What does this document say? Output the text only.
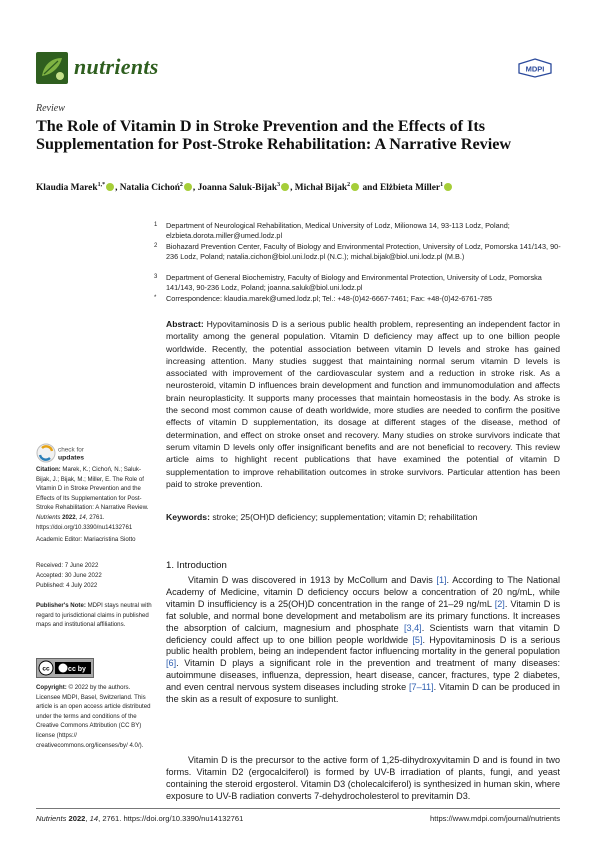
nutrients	MDPI
Review
The Role of Vitamin D in Stroke Prevention and the Effects of Its Supplementation for Post-Stroke Rehabilitation: A Narrative Review
Klaudia Marek$^{1,*}$ , Natalia Cichoń$^2$ , Joanna Saluk-Bijak$^3$ , Michał Bijak$^2$ and Elżbieta Miller$^1$
1 Department of Neurological Rehabilitation, Medical University of Lodz, Milionowa 14, 93-113 Lodz, Poland; elzbieta.dorota.miller@umed.lodz.pl
2 Biohazard Prevention Center, Faculty of Biology and Environmental Protection, University of Lodz, Pomorska 141/143, 90-236 Lodz, Poland; natalia.cichon@biol.uni.lodz.pl (N.C.); michal.bijak@biol.uni.lodz.pl (M.B.)
3 Department of General Biochemistry, Faculty of Biology and Environmental Protection, University of Lodz, Pomorska 141/143, 90-236 Lodz, Poland; joanna.saluk@biol.uni.lodz.pl
* Correspondence: klaudia.marek@umed.lodz.pl; Tel.: +48-(0)42-6667-7461; Fax: +48-(0)42-6761-785
Abstract: Hypovitaminosis D is a serious public health problem, representing an independent factor in mortality among the general population. Vitamin D deficiency may affect up to one billion people worldwide. Recently, the potential association between vitamin D levels and stroke has gained increasing attention. Many studies suggest that maintaining normal serum vitamin D levels is associated with improvement of the cardiovascular system and a reduction in stroke risk. As a neurosteroid, vitamin D influences brain development and function and immunomodulation and affects brain neuroplasticity. It supports many processes that maintain homeostasis in the body. As stroke is the second most common cause of death worldwide, more studies are needed to confirm the positive effects of vitamin D supplementation, its dosage at different stages of the disease, method of determination, and effect on stroke onset and recovery. Many studies on stroke survivors indicate that serum vitamin D levels only offer insignificant benefits and are not beneficial to recovery. This review article aims to highlight recent publications that have examined the potential of vitamin D supplementation to improve rehabilitation outcomes in stroke survivors. Particular attention has been paid to stroke prevention.
Keywords: stroke; 25(OH)D deficiency; supplementation; vitamin D; rehabilitation
check for
updates
Citation: Marek, K.; Cichoń, N.; Saluk-Bijak, J.; Bijak, M.; Miller, E. The Role of Vitamin D in Stroke Prevention and the Effects of Its Supplementation for Post-Stroke Rehabilitation: A Narrative Review. Nutrients 2022, 14, 2761. https://doi.org/10.3390/nu14132761
Academic Editor: Mariacristina Siotto
Received: 7 June 2022
Accepted: 30 June 2022
Published: 4 July 2022
Publisher's Note: MDPI stays neutral with regard to jurisdictional claims in published maps and institutional affiliations.
cc	cc by
Copyright: © 2022 by the authors. Licensee MDPI, Basel, Switzerland. This article is an open access article distributed under the terms and conditions of the Creative Commons Attribution (CC BY) license (https:// creativecommons.org/licenses/by/ 4.0/).
1. Introduction
Vitamin D was discovered in 1913 by McCollum and Davis [1]. According to The National Academy of Medicine, vitamin D deficiency occurs below a concentration of 20 ng/mL, while vitamin D insufficiency is a 25(OH)D concentration in the range of 21–29 ng/mL [2]. Vitamin D is fat soluble, and normal bone development and metabolism are its primary functions. It increases the absorption of calcium, magnesium and phosphate [3,4]. Scientists warn that vitamin D deficiency could affect up to one billion people worldwide [5]. Hypovitaminosis D is a serious public health problem, being an independent factor influencing mortality in the general population [6]. Vitamin D plays a significant role in the prevention and treatment of many diseases: autoimmune diseases, influenza, depression, heart disease, cancer, fractures, type 2 diabetes, and even central nervous system diseases including stroke [7–11]. Vitamin D can be produced in the skin as a result of exposure to sunlight.
Vitamin D is the precursor to the active form of 1,25-dihydroxyvitamin D and is found in two forms. Vitamin D2 (ergocalciferol) is formed by UV-B irradiation of plants, fungi, and yeast containing the steroid ergosterol. Vitamin D3 (cholecalciferol) is synthesized in human skin, where exposure to UV-B radiation converts 7-dehydrocholesterol to previtamin D3.
Nutrients 2022, 14, 2761. https://doi.org/10.3390/nu14132761	https://www.mdpi.com/journal/nutrients
